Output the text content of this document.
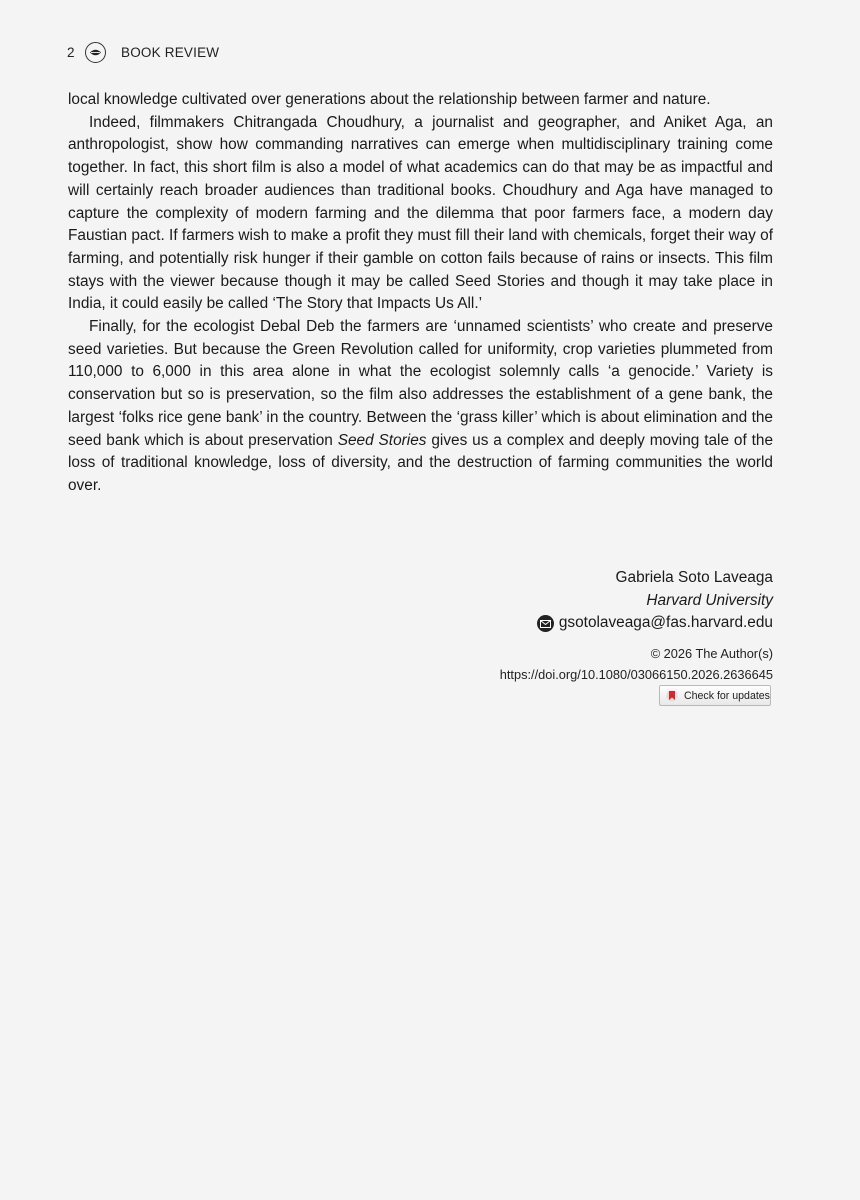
2	BOOK REVIEW

local knowledge cultivated over generations about the relationship between farmer and nature.

Indeed, filmmakers Chitrangada Choudhury, a journalist and geographer, and Aniket Aga, an anthropologist, show how commanding narratives can emerge when multidisciplinary training come together. In fact, this short film is also a model of what academics can do that may be as impactful and will certainly reach broader audiences than traditional books. Choudhury and Aga have managed to capture the complexity of modern farming and the dilemma that poor farmers face, a modern day Faustian pact. If farmers wish to make a profit they must fill their land with chemicals, forget their way of farming, and potentially risk hunger if their gamble on cotton fails because of rains or insects. This film stays with the viewer because though it may be called Seed Stories and though it may take place in India, it could easily be called ‘The Story that Impacts Us All.’

Finally, for the ecologist Debal Deb the farmers are ‘unnamed scientists’ who create and preserve seed varieties. But because the Green Revolution called for uniformity, crop varieties plummeted from 110,000 to 6,000 in this area alone in what the ecologist solemnly calls ‘a genocide.’ Variety is conservation but so is preservation, so the film also addresses the establishment of a gene bank, the largest ‘folks rice gene bank’ in the country. Between the ‘grass killer’ which is about elimination and the seed bank which is about preservation Seed Stories gives us a complex and deeply moving tale of the loss of traditional knowledge, loss of diversity, and the destruction of farming communities the world over.

Gabriela Soto Laveaga
Harvard University
gsotolaveaga@fas.harvard.edu
© 2026 The Author(s)
https://doi.org/10.1080/03066150.2026.2636645
Check for updates
